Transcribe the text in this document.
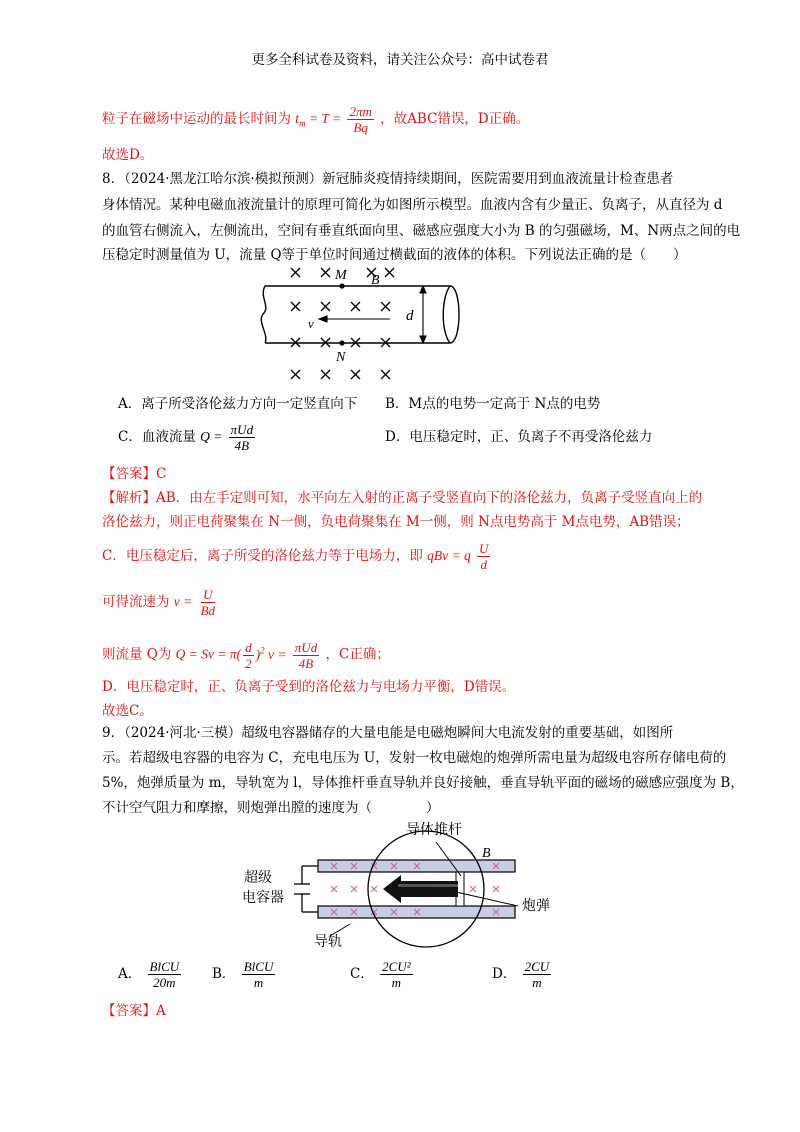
更多全科试卷及资料，请关注公众号：高中试卷君
粒子在磁场中运动的最长时间为 $t_m = T = \frac{2\pi m}{Bq}$ ，故ABC错误，D正确。
故选D。
8．（2024·黑龙江哈尔滨·模拟预测）新冠肺炎疫情持续期间，医院需要用到血液流量计检查患者
身体情况。某种电磁血液流量计的原理可简化为如图所示模型。血液内含有少量正、负离子，从直径为 d
的血管右侧流入，左侧流出，空间有垂直纸面向里、磁感应强度大小为 B 的匀强磁场，M、N两点之间的电
压稳定时测量值为 U，流量 Q等于单位时间通过横截面的液体的体积。下列说法正确的是（　　）
M B
N
d
v
A．离子所受洛伦兹力方向一定竖直向下 B．M点的电势一定高于 N点的电势
C．血液流量 $Q = \frac{\text{πUd}}{4B}$	D．电压稳定时，正、负离子不再受洛伦兹力
【答案】C
【解析】AB．由左手定则可知，水平向左入射的正离子受竖直向下的洛伦兹力，负离子受竖直向上的
洛伦兹力，则正电荷聚集在 N一侧，负电荷聚集在 M一侧，则 N点电势高于 M点电势，AB错误；
C．电压稳定后，离子所受的洛伦兹力等于电场力，即 qBv = q $\frac{U}{d}$
可得流速为 $v = \frac{U}{Bd}$
则流量 Q为 $Q = Sv = \pi( \frac{d}{2} )^2$ $v = \frac{\text{πUd}}{4B}$ ，C正确；
D．电压稳定时，正、负离子受到的洛伦兹力与电场力平衡，D错误。
故选C。
9．（2024·河北·三模）超级电容器储存的大量电能是电磁炮瞬间大电流发射的重要基础，如图所
示。若超级电容器的电容为 C，充电电压为 U，发射一枚电磁炮的炮弹所需电量为超级电容所存储电荷的
5%，炮弹质量为 m，导轨宽为 l，导体推杆垂直导轨并良好接触，垂直导轨平面的磁场的磁感应强度为 B，
不计空气阻力和摩擦，则炮弹出膛的速度为（　　　　）
导体推杆
B
超级
电容器
炮弹
导轨
A． $\frac{\text{BlCU}}{20m}$ B． $\frac{\text{BlCU}}{m}$	C． $\frac{\text{2CU²}}{m}$	D． $\frac{2CU}{m}$
【答案】A
